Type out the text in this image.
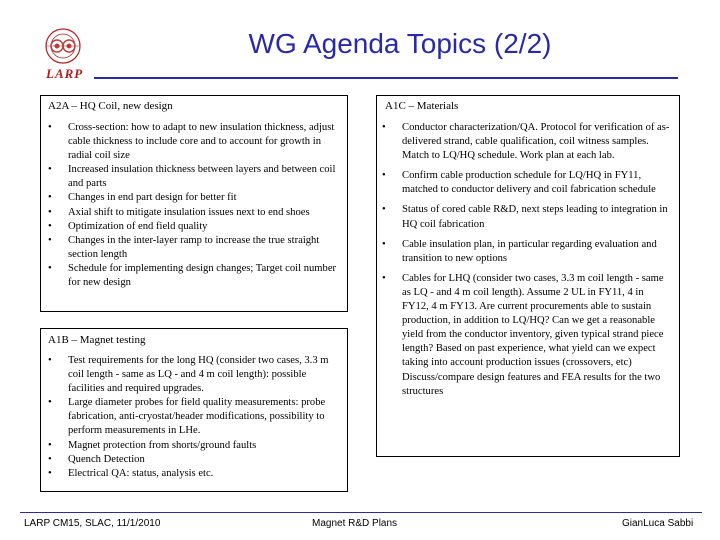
LARP
WG Agenda Topics (2/2)
A2A – HQ Coil, new design
• Cross-section: how to adapt to new insulation thickness, adjust cable thickness to include core and to account for growth in radial coil size
• Increased insulation thickness between layers and between coil and parts
• Changes in end part design for better fit
• Axial shift to mitigate insulation issues next to end shoes
• Optimization of end field quality
• Changes in the inter-layer ramp to increase the true straight section length
• Schedule for implementing design changes; Target coil number for new design
A1B – Magnet testing
• Test requirements for the long HQ (consider two cases, 3.3 m coil length - same as LQ - and 4 m coil length): possible facilities and required upgrades.
• Large diameter probes for field quality measurements: probe fabrication, anti-cryostat/header modifications, possibility to perform measurements in LHe.
• Magnet protection from shorts/ground faults
• Quench Detection
• Electrical QA: status, analysis etc.
A1C – Materials
• Conductor characterization/QA. Protocol for verification of as-delivered strand, cable qualification, coil witness samples. Match to LQ/HQ schedule. Work plan at each lab.
• Confirm cable production schedule for LQ/HQ in FY11, matched to conductor delivery and coil fabrication schedule
• Status of cored cable R&D, next steps leading to integration in HQ coil fabrication
• Cable insulation plan, in particular regarding evaluation and transition to new options
• Cables for LHQ (consider two cases, 3.3 m coil length - same as LQ - and 4 m coil length). Assume 2 UL in FY11, 4 in FY12, 4 m FY13. Are current procurements able to sustain production, in addition to LQ/HQ? Can we get a reasonable yield from the conductor inventory, given typical strand piece length? Based on past experience, what yield can we expect taking into account production issues (crossovers, etc) Discuss/compare design features and FEA results for the two structures
LARP CM15, SLAC, 11/1/2010	Magnet R&D Plans	GianLuca Sabbi
